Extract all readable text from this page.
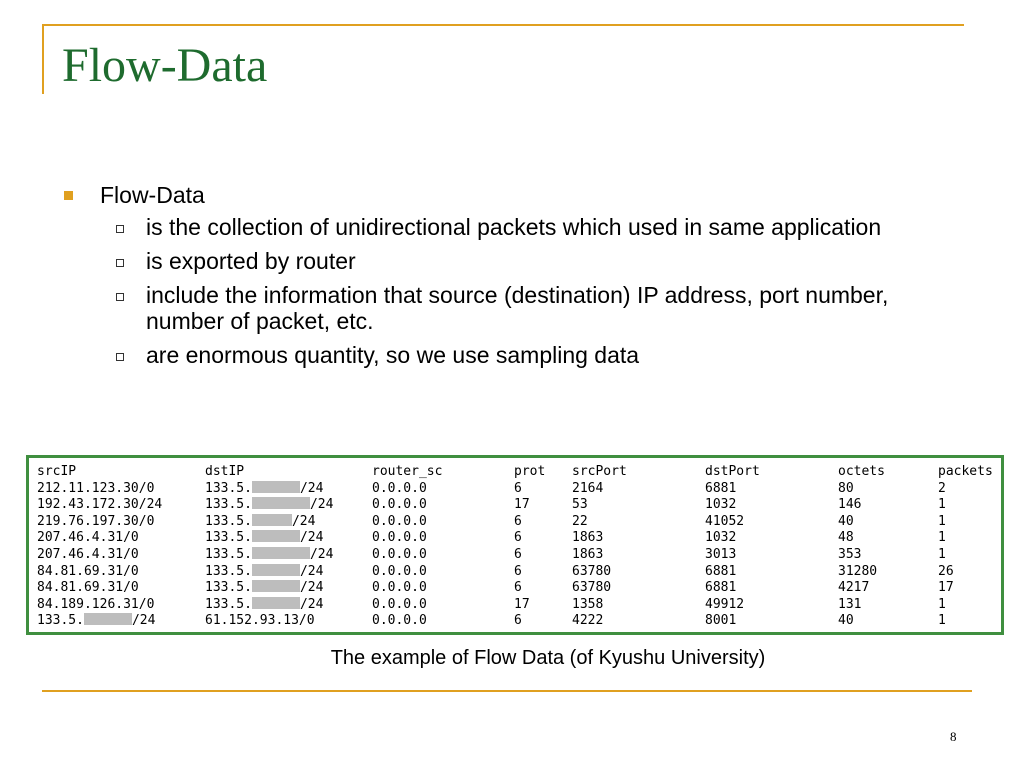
Flow-Data
Flow-Data
is the collection of unidirectional packets which used in same application
is exported by router
include the information that source (destination) IP address, port number, number of packet, etc.
are enormous quantity, so we use sampling data
srcIP	dstIP	router_sc	prot	srcPort	dstPort	octets	packets
212.11.123.30/0	133.5. /24	0.0.0.0	6	2164	6881	80	2
192.43.172.30/24	133.5. /24	0.0.0.0	17	53	1032	146	1
219.76.197.30/0	133.5. /24	0.0.0.0	6	22	41052	40	1
207.46.4.31/0	133.5. /24	0.0.0.0	6	1863	1032	48	1
207.46.4.31/0	133.5. /24	0.0.0.0	6	1863	3013	353	1
84.81.69.31/0	133.5. /24	0.0.0.0	6	63780	6881	31280	26
84.81.69.31/0	133.5. /24	0.0.0.0	6	63780	6881	4217	17
84.189.126.31/0	133.5. /24	0.0.0.0	17	1358	49912	131	1
133.5. /24	61.152.93.13/0	0.0.0.0	6	4222	8001	40	1
The example of Flow Data (of Kyushu University)
8
